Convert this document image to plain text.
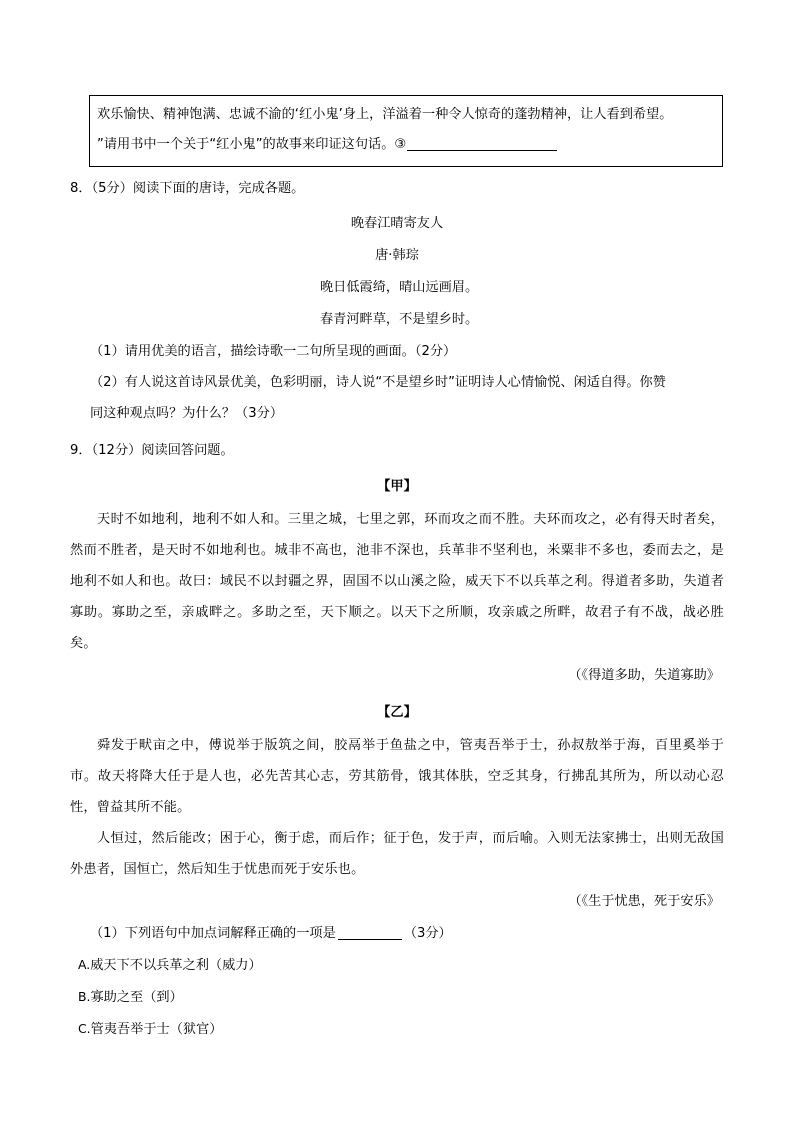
欢乐愉快、精神饱满、忠诚不渝的‘红小鬼’身上，洋溢着一种令人惊奇的蓬勃精神，让人看到希望。
”请用书中一个关于“红小鬼”的故事来印证这句话。③
8．（5分）阅读下面的唐诗，完成各题。
晚春江晴寄友人
唐·韩琮
晚日低霞绮，晴山远画眉。
春青河畔草，不是望乡时。
（1）请用优美的语言，描绘诗歌一二句所呈现的画面。（2分）
（2）有人说这首诗风景优美，色彩明丽，诗人说“不是望乡时”证明诗人心情愉悦、闲适自得。你赞
同这种观点吗？为什么？（3分）
9．（12分）阅读回答问题。
【甲】
天时不如地利，地利不如人和。三里之城，七里之郭，环而攻之而不胜。夫环而攻之，必有得天时者矣，然而不胜者，是天时不如地利也。城非不高也，池非不深也，兵革非不坚利也，米粟非不多也，委而去之，是地利不如人和也。故曰：域民不以封疆之界，固国不以山溪之险，威天下不以兵革之利。得道者多助，失道者寡助。寡助之至，亲戚畔之。多助之至，天下顺之。以天下之所顺，攻亲戚之所畔，故君子有不战，战必胜矣。
（《得道多助，失道寡助》
【乙】
舜发于畎亩之中，傅说举于版筑之间，胶鬲举于鱼盐之中，管夷吾举于士，孙叔敖举于海，百里奚举于市。故天将降大任于是人也，必先苦其心志，劳其筋骨，饿其体肤，空乏其身，行拂乱其所为，所以动心忍性，曾益其所不能。
人恒过，然后能改；困于心，衡于虑，而后作；征于色，发于声，而后喻。入则无法家拂士，出则无敌国外患者，国恒亡，然后知生于忧患而死于安乐也。
（《生于忧患，死于安乐》
（1）下列语句中加点词解释正确的一项是	（3分）
A.威天下不以兵革之利（威力）
B.寡助之至（到）
C.管夷吾举于士（狱官）
